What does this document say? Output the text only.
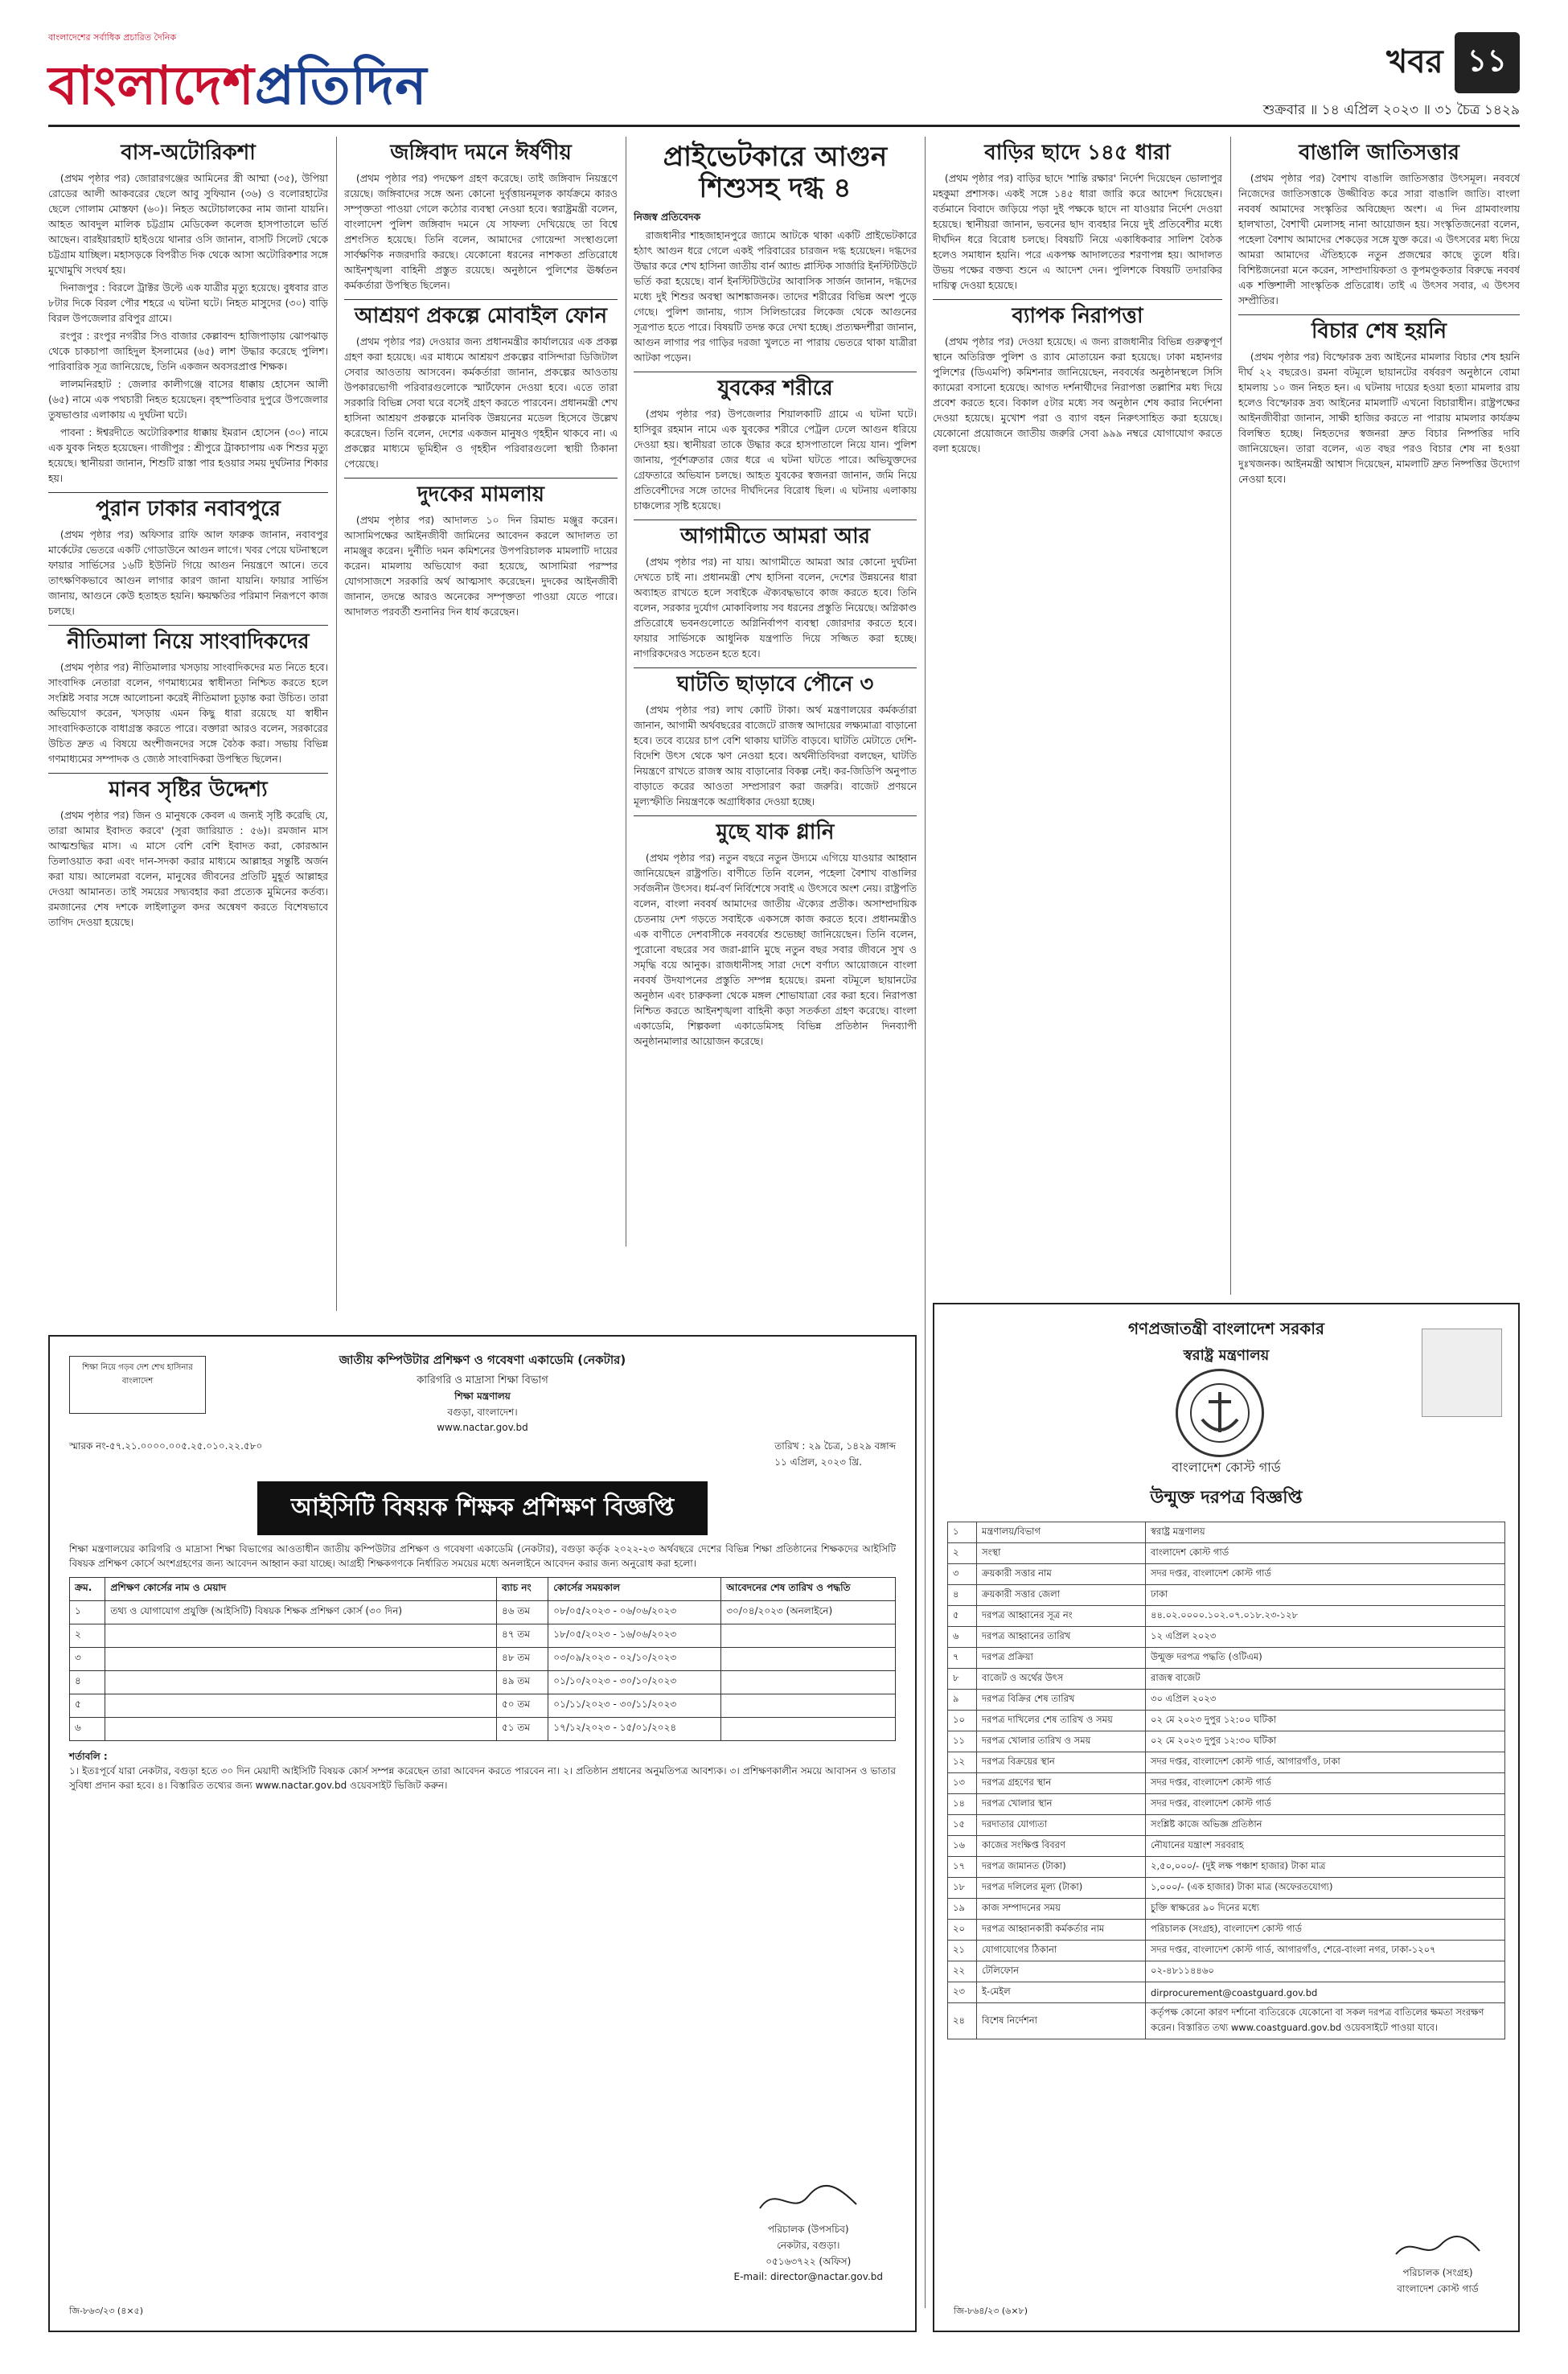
বাংলাদেশের সর্বাধিক প্রচারিত দৈনিক
বাংলাদেশপ্রতিদিন	খবর ১১
শুক্রবার ॥ ১৪ এপ্রিল ২০২৩ ॥ ৩১ চৈত্র ১৪২৯
বাস-অটোরিকশা

(প্রথম পৃষ্ঠার পর) জোরারগঞ্জের আমিনের স্ত্রী আম্মা (৩৫), উপিয়া রোডের আলী আকবরের ছেলে আবু সুফিয়ান (৩৬) ও বলোরহাটের ছেলে গোলাম মোস্তফা (৬০)। নিহত অটোচালকের নাম জানা যায়নি। আহত আবদুল মালিক চট্টগ্রাম মেডিকেল কলেজ হাসপাতালে ভর্তি আছেন। বারইয়ারহাট হাইওয়ে থানার ওসি জানান, বাসটি সিলেট থেকে চট্টগ্রাম যাচ্ছিল। মহাসড়কে বিপরীত দিক থেকে আসা অটোরিকশার সঙ্গে মুখোমুখি সংঘর্ষ হয়।

দিনাজপুর : বিরলে ট্রাক্টর উল্টে এক যাত্রীর মৃত্যু হয়েছে। বুধবার রাত ৮টার দিকে বিরল পৌর শহরে এ ঘটনা ঘটে। নিহত মাসুদের (৩০) বাড়ি বিরল উপজেলার রবিপুর গ্রামে।

রংপুর : রংপুর নগরীর সিও বাজার কেল্লাবন্দ হাজিপাড়ায় ঝোপঝাড় থেকে চাকচাপা জাহিদুল ইসলামের (৬৫) লাশ উদ্ধার করেছে পুলিশ। পারিবারিক সূত্র জানিয়েছে, তিনি একজন অবসরপ্রাপ্ত শিক্ষক।

লালমনিরহাট : জেলার কালীগঞ্জে বাসের ধাক্কায় হোসেন আলী (৬৫) নামে এক পথচারী নিহত হয়েছেন। বৃহস্পতিবার দুপুরে উপজেলার তুষভাণ্ডার এলাকায় এ দুর্ঘটনা ঘটে।

পাবনা : ঈশ্বরদীতে অটোরিকশার ধাক্কায় ইমরান হোসেন (৩০) নামে এক যুবক নিহত হয়েছেন। গাজীপুর : শ্রীপুরে ট্রাকচাপায় এক শিশুর মৃত্যু হয়েছে। স্থানীয়রা জানান, শিশুটি রাস্তা পার হওয়ার সময় দুর্ঘটনার শিকার হয়।

পুরান ঢাকার নবাবপুরে

(প্রথম পৃষ্ঠার পর) অফিসার রাফি আল ফারুক জানান, নবাবপুর মার্কেটের ভেতরে একটি গোডাউনে আগুন লাগে। খবর পেয়ে ঘটনাস্থলে ফায়ার সার্ভিসের ১৬টি ইউনিট গিয়ে আগুন নিয়ন্ত্রণে আনে। তবে তাৎক্ষণিকভাবে আগুন লাগার কারণ জানা যায়নি। ফায়ার সার্ভিস জানায়, আগুনে কেউ হতাহত হয়নি। ক্ষয়ক্ষতির পরিমাণ নিরূপণে কাজ চলছে।

নীতিমালা নিয়ে সাংবাদিকদের

(প্রথম পৃষ্ঠার পর) নীতিমালার খসড়ায় সাংবাদিকদের মত নিতে হবে। সাংবাদিক নেতারা বলেন, গণমাধ্যমের স্বাধীনতা নিশ্চিত করতে হলে সংশ্লিষ্ট সবার সঙ্গে আলোচনা করেই নীতিমালা চূড়ান্ত করা উচিত। তারা অভিযোগ করেন, খসড়ায় এমন কিছু ধারা রয়েছে যা স্বাধীন সাংবাদিকতাকে বাধাগ্রস্ত করতে পারে। বক্তারা আরও বলেন, সরকারের উচিত দ্রুত এ বিষয়ে অংশীজনদের সঙ্গে বৈঠক করা। সভায় বিভিন্ন গণমাধ্যমের সম্পাদক ও জ্যেষ্ঠ সাংবাদিকরা উপস্থিত ছিলেন।

মানব সৃষ্টির উদ্দেশ্য

(প্রথম পৃষ্ঠার পর) জিন ও মানুষকে কেবল এ জন্যই সৃষ্টি করেছি যে, তারা আমার ইবাদত করবে' (সুরা জারিয়াত : ৫৬)। রমজান মাস আত্মশুদ্ধির মাস। এ মাসে বেশি বেশি ইবাদত করা, কোরআন তিলাওয়াত করা এবং দান-সদকা করার মাধ্যমে আল্লাহর সন্তুষ্টি অর্জন করা যায়। আলেমরা বলেন, মানুষের জীবনের প্রতিটি মুহূর্ত আল্লাহর দেওয়া আমানত। তাই সময়ের সদ্ব্যবহার করা প্রত্যেক মুমিনের কর্তব্য। রমজানের শেষ দশকে লাইলাতুল কদর অন্বেষণ করতে বিশেষভাবে তাগিদ দেওয়া হয়েছে।

জঙ্গিবাদ দমনে ঈর্ষণীয়

(প্রথম পৃষ্ঠার পর) পদক্ষেপ গ্রহণ করেছে। তাই জঙ্গিবাদ নিয়ন্ত্রণে রয়েছে। জঙ্গিবাদের সঙ্গে অন্য কোনো দুর্বৃত্তায়নমূলক কার্যক্রমে কারও সম্পৃক্ততা পাওয়া গেলে কঠোর ব্যবস্থা নেওয়া হবে। স্বরাষ্ট্রমন্ত্রী বলেন, বাংলাদেশ পুলিশ জঙ্গিবাদ দমনে যে সাফল্য দেখিয়েছে তা বিশ্বে প্রশংসিত হয়েছে। তিনি বলেন, আমাদের গোয়েন্দা সংস্থাগুলো সার্বক্ষণিক নজরদারি করছে। যেকোনো ধরনের নাশকতা প্রতিরোধে আইনশৃঙ্খলা বাহিনী প্রস্তুত রয়েছে। অনুষ্ঠানে পুলিশের ঊর্ধ্বতন কর্মকর্তারা উপস্থিত ছিলেন।

আশ্রয়ণ প্রকল্পে মোবাইল ফোন

(প্রথম পৃষ্ঠার পর) দেওয়ার জন্য প্রধানমন্ত্রীর কার্যালয়ের এক প্রকল্প গ্রহণ করা হয়েছে। এর মাধ্যমে আশ্রয়ণ প্রকল্পের বাসিন্দারা ডিজিটাল সেবার আওতায় আসবেন। কর্মকর্তারা জানান, প্রকল্পের আওতায় উপকারভোগী পরিবারগুলোকে স্মার্টফোন দেওয়া হবে। এতে তারা সরকারি বিভিন্ন সেবা ঘরে বসেই গ্রহণ করতে পারবেন। প্রধানমন্ত্রী শেখ হাসিনা আশ্রয়ণ প্রকল্পকে মানবিক উন্নয়নের মডেল হিসেবে উল্লেখ করেছেন। তিনি বলেন, দেশের একজন মানুষও গৃহহীন থাকবে না। এ প্রকল্পের মাধ্যমে ভূমিহীন ও গৃহহীন পরিবারগুলো স্থায়ী ঠিকানা পেয়েছে।

দুদকের মামলায়

(প্রথম পৃষ্ঠার পর) আদালত ১০ দিন রিমান্ড মঞ্জুর করেন। আসামিপক্ষের আইনজীবী জামিনের আবেদন করলে আদালত তা নামঞ্জুর করেন। দুর্নীতি দমন কমিশনের উপপরিচালক মামলাটি দায়ের করেন। মামলায় অভিযোগ করা হয়েছে, আসামিরা পরস্পর যোগসাজশে সরকারি অর্থ আত্মসাৎ করেছেন। দুদকের আইনজীবী জানান, তদন্তে আরও অনেকের সম্পৃক্ততা পাওয়া যেতে পারে। আদালত পরবর্তী শুনানির দিন ধার্য করেছেন।

প্রাইভেটকারে আগুন শিশুসহ দগ্ধ ৪
নিজস্ব প্রতিবেদক

রাজধানীর শাহজাহানপুরে জ্যামে আটকে থাকা একটি প্রাইভেটকারে হঠাৎ আগুন ধরে গেলে একই পরিবারের চারজন দগ্ধ হয়েছেন। দগ্ধদের উদ্ধার করে শেখ হাসিনা জাতীয় বার্ন অ্যান্ড প্লাস্টিক সার্জারি ইনস্টিটিউটে ভর্তি করা হয়েছে। বার্ন ইনস্টিটিউটের আবাসিক সার্জন জানান, দগ্ধদের মধ্যে দুই শিশুর অবস্থা আশঙ্কাজনক। তাদের শরীরের বিভিন্ন অংশ পুড়ে গেছে। পুলিশ জানায়, গ্যাস সিলিন্ডারের লিকেজ থেকে আগুনের সূত্রপাত হতে পারে। বিষয়টি তদন্ত করে দেখা হচ্ছে। প্রত্যক্ষদর্শীরা জানান, আগুন লাগার পর গাড়ির দরজা খুলতে না পারায় ভেতরে থাকা যাত্রীরা আটকা পড়েন।

যুবকের শরীরে

(প্রথম পৃষ্ঠার পর) উপজেলার শিয়ালকাটি গ্রামে এ ঘটনা ঘটে। হাসিবুর রহমান নামে এক যুবকের শরীরে পেট্রল ঢেলে আগুন ধরিয়ে দেওয়া হয়। স্থানীয়রা তাকে উদ্ধার করে হাসপাতালে নিয়ে যান। পুলিশ জানায়, পূর্বশত্রুতার জের ধরে এ ঘটনা ঘটতে পারে। অভিযুক্তদের গ্রেফতারে অভিযান চলছে। আহত যুবকের স্বজনরা জানান, জমি নিয়ে প্রতিবেশীদের সঙ্গে তাদের দীর্ঘদিনের বিরোধ ছিল। এ ঘটনায় এলাকায় চাঞ্চল্যের সৃষ্টি হয়েছে।

আগামীতে আমরা আর

(প্রথম পৃষ্ঠার পর) না যায়। আগামীতে আমরা আর কোনো দুর্ঘটনা দেখতে চাই না। প্রধানমন্ত্রী শেখ হাসিনা বলেন, দেশের উন্নয়নের ধারা অব্যাহত রাখতে হলে সবাইকে ঐক্যবদ্ধভাবে কাজ করতে হবে। তিনি বলেন, সরকার দুর্যোগ মোকাবিলায় সব ধরনের প্রস্তুতি নিয়েছে। অগ্নিকাণ্ড প্রতিরোধে ভবনগুলোতে অগ্নিনির্বাপণ ব্যবস্থা জোরদার করতে হবে। ফায়ার সার্ভিসকে আধুনিক যন্ত্রপাতি দিয়ে সজ্জিত করা হচ্ছে। নাগরিকদেরও সচেতন হতে হবে।

ঘাটতি ছাড়াবে পৌনে ৩

(প্রথম পৃষ্ঠার পর) লাখ কোটি টাকা। অর্থ মন্ত্রণালয়ের কর্মকর্তারা জানান, আগামী অর্থবছরের বাজেটে রাজস্ব আদায়ের লক্ষ্যমাত্রা বাড়ানো হবে। তবে ব্যয়ের চাপ বেশি থাকায় ঘাটতি বাড়বে। ঘাটতি মেটাতে দেশি-বিদেশি উৎস থেকে ঋণ নেওয়া হবে। অর্থনীতিবিদরা বলছেন, ঘাটতি নিয়ন্ত্রণে রাখতে রাজস্ব আয় বাড়ানোর বিকল্প নেই। কর-জিডিপি অনুপাত বাড়াতে করের আওতা সম্প্রসারণ করা জরুরি। বাজেট প্রণয়নে মূল্যস্ফীতি নিয়ন্ত্রণকে অগ্রাধিকার দেওয়া হচ্ছে।

মুছে যাক গ্লানি

(প্রথম পৃষ্ঠার পর) নতুন বছরে নতুন উদ্যমে এগিয়ে যাওয়ার আহ্বান জানিয়েছেন রাষ্ট্রপতি। বাণীতে তিনি বলেন, পহেলা বৈশাখ বাঙালির সর্বজনীন উৎসব। ধর্ম-বর্ণ নির্বিশেষে সবাই এ উৎসবে অংশ নেয়। রাষ্ট্রপতি বলেন, বাংলা নববর্ষ আমাদের জাতীয় ঐক্যের প্রতীক। অসাম্প্রদায়িক চেতনায় দেশ গড়তে সবাইকে একসঙ্গে কাজ করতে হবে। প্রধানমন্ত্রীও এক বাণীতে দেশবাসীকে নববর্ষের শুভেচ্ছা জানিয়েছেন। তিনি বলেন, পুরোনো বছরের সব জরা-গ্লানি মুছে নতুন বছর সবার জীবনে সুখ ও সমৃদ্ধি বয়ে আনুক। রাজধানীসহ সারা দেশে বর্ণাঢ্য আয়োজনে বাংলা নববর্ষ উদযাপনের প্রস্তুতি সম্পন্ন হয়েছে। রমনা বটমূলে ছায়ানটের অনুষ্ঠান এবং চারুকলা থেকে মঙ্গল শোভাযাত্রা বের করা হবে। নিরাপত্তা নিশ্চিত করতে আইনশৃঙ্খলা বাহিনী কড়া সতর্কতা গ্রহণ করেছে। বাংলা একাডেমি, শিল্পকলা একাডেমিসহ বিভিন্ন প্রতিষ্ঠান দিনব্যাপী অনুষ্ঠানমালার আয়োজন করেছে।

বাড়ির ছাদে ১৪৫ ধারা

(প্রথম পৃষ্ঠার পর) বাড়ির ছাদে 'শান্তি রক্ষার' নির্দেশ দিয়েছেন ভোলাপুর মহকুমা প্রশাসক। একই সঙ্গে ১৪৫ ধারা জারি করে আদেশ দিয়েছেন। বর্তমানে বিবাদে জড়িয়ে পড়া দুই পক্ষকে ছাদে না যাওয়ার নির্দেশ দেওয়া হয়েছে। স্থানীয়রা জানান, ভবনের ছাদ ব্যবহার নিয়ে দুই প্রতিবেশীর মধ্যে দীর্ঘদিন ধরে বিরোধ চলছে। বিষয়টি নিয়ে একাধিকবার সালিশ বৈঠক হলেও সমাধান হয়নি। পরে একপক্ষ আদালতের শরণাপন্ন হয়। আদালত উভয় পক্ষের বক্তব্য শুনে এ আদেশ দেন। পুলিশকে বিষয়টি তদারকির দায়িত্ব দেওয়া হয়েছে।

ব্যাপক নিরাপত্তা

(প্রথম পৃষ্ঠার পর) দেওয়া হয়েছে। এ জন্য রাজধানীর বিভিন্ন গুরুত্বপূর্ণ স্থানে অতিরিক্ত পুলিশ ও র‍্যাব মোতায়েন করা হয়েছে। ঢাকা মহানগর পুলিশের (ডিএমপি) কমিশনার জানিয়েছেন, নববর্ষের অনুষ্ঠানস্থলে সিসি ক্যামেরা বসানো হয়েছে। আগত দর্শনার্থীদের নিরাপত্তা তল্লাশির মধ্য দিয়ে প্রবেশ করতে হবে। বিকাল ৫টার মধ্যে সব অনুষ্ঠান শেষ করার নির্দেশনা দেওয়া হয়েছে। মুখোশ পরা ও ব্যাগ বহন নিরুৎসাহিত করা হয়েছে। যেকোনো প্রয়োজনে জাতীয় জরুরি সেবা ৯৯৯ নম্বরে যোগাযোগ করতে বলা হয়েছে।

বাঙালি জাতিসত্তার

(প্রথম পৃষ্ঠার পর) বৈশাখ বাঙালি জাতিসত্তার উৎসমূল। নববর্ষে নিজেদের জাতিসত্তাকে উজ্জীবিত করে সারা বাঙালি জাতি। বাংলা নববর্ষ আমাদের সংস্কৃতির অবিচ্ছেদ্য অংশ। এ দিন গ্রামবাংলায় হালখাতা, বৈশাখী মেলাসহ নানা আয়োজন হয়। সংস্কৃতিজনেরা বলেন, পহেলা বৈশাখ আমাদের শেকড়ের সঙ্গে যুক্ত করে। এ উৎসবের মধ্য দিয়ে আমরা আমাদের ঐতিহ্যকে নতুন প্রজন্মের কাছে তুলে ধরি। বিশিষ্টজনেরা মনে করেন, সাম্প্রদায়িকতা ও কূপমণ্ডূকতার বিরুদ্ধে নববর্ষ এক শক্তিশালী সাংস্কৃতিক প্রতিরোধ। তাই এ উৎসব সবার, এ উৎসব সম্প্রীতির।

বিচার শেষ হয়নি

(প্রথম পৃষ্ঠার পর) বিস্ফোরক দ্রব্য আইনের মামলার বিচার শেষ হয়নি দীর্ঘ ২২ বছরেও। রমনা বটমূলে ছায়ানটের বর্ষবরণ অনুষ্ঠানে বোমা হামলায় ১০ জন নিহত হন। এ ঘটনায় দায়ের হওয়া হত্যা মামলার রায় হলেও বিস্ফোরক দ্রব্য আইনের মামলাটি এখনো বিচারাধীন। রাষ্ট্রপক্ষের আইনজীবীরা জানান, সাক্ষী হাজির করতে না পারায় মামলার কার্যক্রম বিলম্বিত হচ্ছে। নিহতদের স্বজনরা দ্রুত বিচার নিষ্পত্তির দাবি জানিয়েছেন। তারা বলেন, এত বছর পরও বিচার শেষ না হওয়া দুঃখজনক। আইনমন্ত্রী আশ্বাস দিয়েছেন, মামলাটি দ্রুত নিষ্পত্তির উদ্যোগ নেওয়া হবে।

জাতীয় কম্পিউটার প্রশিক্ষণ ও গবেষণা একাডেমি (নেকটার)
কারিগরি ও মাদ্রাসা শিক্ষা বিভাগ
শিক্ষা মন্ত্রণালয়
বগুড়া, বাংলাদেশ।
www.nactar.gov.bd
শিক্ষা নিয়ে গড়ব দেশ শেখ হাসিনার বাংলাদেশ
স্মারক নং-৫৭.২১.০০০০.০০৫.২৫.০১০.২২.৫৮০	তারিখ : ২৯ চৈত্র, ১৪২৯ বঙ্গাব্দ
১১ এপ্রিল, ২০২৩ খ্রি.
আইসিটি বিষয়ক শিক্ষক প্রশিক্ষণ বিজ্ঞপ্তি
শিক্ষা মন্ত্রণালয়ের কারিগরি ও মাদ্রাসা শিক্ষা বিভাগের আওতাধীন জাতীয় কম্পিউটার প্রশিক্ষণ ও গবেষণা একাডেমি (নেকটার), বগুড়া কর্তৃক ২০২২-২৩ অর্থবছরে দেশের বিভিন্ন শিক্ষা প্রতিষ্ঠানের শিক্ষকদের আইসিটি বিষয়ক প্রশিক্ষণ কোর্সে অংশগ্রহণের জন্য আবেদন আহ্বান করা যাচ্ছে। আগ্রহী শিক্ষকগণকে নির্ধারিত সময়ের মধ্যে অনলাইনে আবেদন করার জন্য অনুরোধ করা হলো।
ক্রম.	প্রশিক্ষণ কোর্সের নাম ও মেয়াদ	ব্যাচ নং	কোর্সের সময়কাল	আবেদনের শেষ তারিখ ও পদ্ধতি
১	তথ্য ও যোগাযোগ প্রযুক্তি (আইসিটি) বিষয়ক শিক্ষক প্রশিক্ষণ কোর্স (৩০ দিন)	৪৬ তম	০৮/০৫/২০২৩ - ০৬/০৬/২০২৩	৩০/০৪/২০২৩ (অনলাইনে)
২		৪৭ তম	১৮/০৫/২০২৩ - ১৬/০৬/২০২৩	
৩		৪৮ তম	০৩/০৯/২০২৩ - ০২/১০/২০২৩	
৪		৪৯ তম	০১/১০/২০২৩ - ৩০/১০/২০২৩	
৫		৫০ তম	০১/১১/২০২৩ - ৩০/১১/২০২৩	
৬		৫১ তম	১৭/১২/২০২৩ - ১৫/০১/২০২৪	
শর্তাবলি :
১। ইতঃপূর্বে যারা নেকটার, বগুড়া হতে ৩০ দিন মেয়াদী আইসিটি বিষয়ক কোর্স সম্পন্ন করেছেন তারা আবেদন করতে পারবেন না। ২। প্রতিষ্ঠান প্রধানের অনুমতিপত্র আবশ্যক। ৩। প্রশিক্ষণকালীন সময়ে আবাসন ও ভাতার সুবিধা প্রদান করা হবে। ৪। বিস্তারিত তথ্যের জন্য www.nactar.gov.bd ওয়েবসাইট ভিজিট করুন।
পরিচালক (উপসচিব)
নেকটার, বগুড়া।
০৫১৬৩৭২২ (অফিস)
E-mail: director@nactar.gov.bd
জি-৮৬৩/২৩ (৪×৫)
গণপ্রজাতন্ত্রী বাংলাদেশ সরকার
স্বরাষ্ট্র মন্ত্রণালয়
বাংলাদেশ কোস্ট গার্ড
উন্মুক্ত দরপত্র বিজ্ঞপ্তি
১	মন্ত্রণালয়/বিভাগ	স্বরাষ্ট্র মন্ত্রণালয়
২	সংস্থা	বাংলাদেশ কোস্ট গার্ড
৩	ক্রয়কারী সত্তার নাম	সদর দপ্তর, বাংলাদেশ কোস্ট গার্ড
৪	ক্রয়কারী সত্তার জেলা	ঢাকা
৫	দরপত্র আহ্বানের সূত্র নং	৪৪.০২.০০০০.১০২.০৭.০১৮.২৩-১২৮
৬	দরপত্র আহ্বানের তারিখ	১২ এপ্রিল ২০২৩
৭	দরপত্র প্রক্রিয়া	উন্মুক্ত দরপত্র পদ্ধতি (ওটিএম)
৮	বাজেট ও অর্থের উৎস	রাজস্ব বাজেট
৯	দরপত্র বিক্রির শেষ তারিখ	৩০ এপ্রিল ২০২৩
১০	দরপত্র দাখিলের শেষ তারিখ ও সময়	০২ মে ২০২৩ দুপুর ১২:০০ ঘটিকা
১১	দরপত্র খোলার তারিখ ও সময়	০২ মে ২০২৩ দুপুর ১২:৩০ ঘটিকা
১২	দরপত্র বিক্রয়ের স্থান	সদর দপ্তর, বাংলাদেশ কোস্ট গার্ড, আগারগাঁও, ঢাকা
১৩	দরপত্র গ্রহণের স্থান	সদর দপ্তর, বাংলাদেশ কোস্ট গার্ড
১৪	দরপত্র খোলার স্থান	সদর দপ্তর, বাংলাদেশ কোস্ট গার্ড
১৫	দরদাতার যোগ্যতা	সংশ্লিষ্ট কাজে অভিজ্ঞ প্রতিষ্ঠান
১৬	কাজের সংক্ষিপ্ত বিবরণ	নৌযানের যন্ত্রাংশ সরবরাহ
১৭	দরপত্র জামানত (টাকা)	২,৫০,০০০/- (দুই লক্ষ পঞ্চাশ হাজার) টাকা মাত্র
১৮	দরপত্র দলিলের মূল্য (টাকা)	১,০০০/- (এক হাজার) টাকা মাত্র (অফেরতযোগ্য)
১৯	কাজ সম্পাদনের সময়	চুক্তি স্বাক্ষরের ৯০ দিনের মধ্যে
২০	দরপত্র আহ্বানকারী কর্মকর্তার নাম	পরিচালক (সংগ্রহ), বাংলাদেশ কোস্ট গার্ড
২১	যোগাযোগের ঠিকানা	সদর দপ্তর, বাংলাদেশ কোস্ট গার্ড, আগারগাঁও, শেরে-বাংলা নগর, ঢাকা-১২০৭
২২	টেলিফোন	০২-৪৮১১৪৪৬০
২৩	ই-মেইল	dirprocurement@coastguard.gov.bd
২৪	বিশেষ নির্দেশনা	কর্তৃপক্ষ কোনো কারণ দর্শানো ব্যতিরেকে যেকোনো বা সকল দরপত্র বাতিলের ক্ষমতা সংরক্ষণ করেন। বিস্তারিত তথ্য www.coastguard.gov.bd ওয়েবসাইটে পাওয়া যাবে।
পরিচালক (সংগ্রহ)
বাংলাদেশ কোস্ট গার্ড
জি-৮৬৪/২৩ (৬×৮)
